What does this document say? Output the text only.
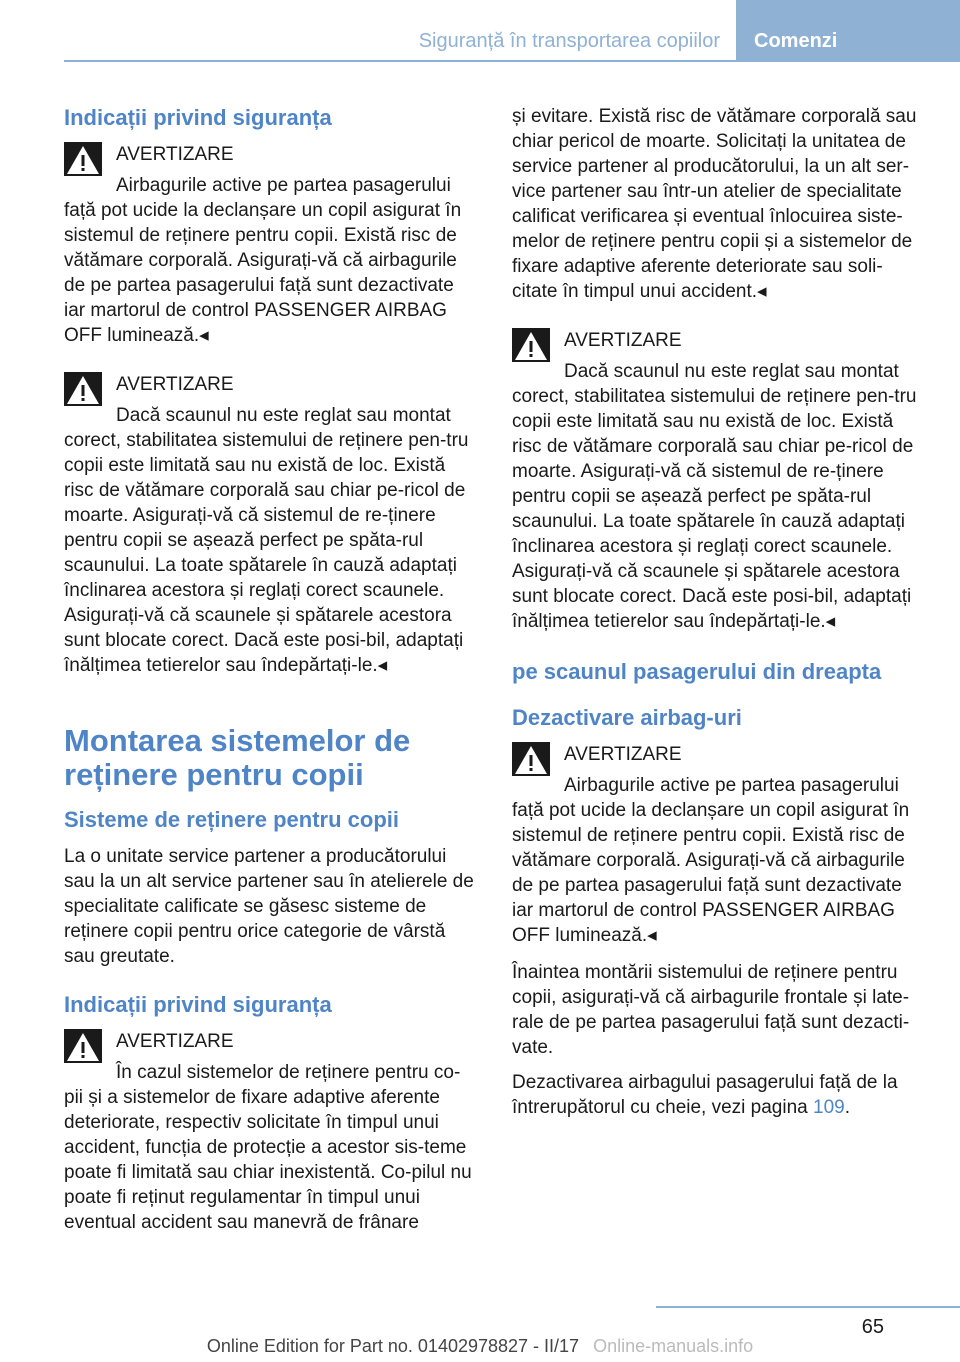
Siguranță în transportarea copiilor	Comenzi
Indicații privind siguranța
AVERTIZARE
Airbagurile active pe partea pasagerului față pot ucide la declanșare un copil asigurat în sistemul de reținere pentru copii. Există risc de vătămare corporală. Asigurați-vă că airbagurile de pe partea pasagerului față sunt dezactivate iar martorul de control PASSENGER AIRBAG OFF luminează.◂
AVERTIZARE
Dacă scaunul nu este reglat sau montat corect, stabilitatea sistemului de reținere pen‐tru copii este limitată sau nu există de loc. Există risc de vătămare corporală sau chiar pe‐ricol de moarte. Asigurați-vă că sistemul de re‐ținere pentru copii se așează perfect pe spăta‐rul scaunului. La toate spătarele în cauză adaptați înclinarea acestora și reglați corect scaunele. Asigurați-vă că scaunele și spătarele acestora sunt blocate corect. Dacă este posi‐bil, adaptați înălțimea tetierelor sau îndepărtați‐le.◂
Montarea sistemelor de reținere pentru copii
Sisteme de reținere pentru copii

La o unitate service partener a producătorului sau la un alt service partener sau în atelierele de specialitate calificate se găsesc sisteme de reținere copii pentru orice categorie de vârstă sau greutate.

Indicații privind siguranța
AVERTIZARE
În cazul sistemelor de reținere pentru co‐pii și a sistemelor de fixare adaptive aferente deteriorate, respectiv solicitate în timpul unui accident, funcția de protecție a acestor sis‐teme poate fi limitată sau chiar inexistentă. Co‐pilul nu poate fi reținut regulamentar în timpul unui eventual accident sau manevră de frânare

și evitare. Există risc de vătămare corporală sau chiar pericol de moarte. Solicitați la unitatea de service partener al producătorului, la un alt ser‐vice partener sau într-un atelier de specialitate calificat verificarea și eventual înlocuirea siste‐melor de reținere pentru copii și a sistemelor de fixare adaptive aferente deteriorate sau soli‐citate în timpul unui accident.◂

AVERTIZARE
Dacă scaunul nu este reglat sau montat corect, stabilitatea sistemului de reținere pen‐tru copii este limitată sau nu există de loc. Există risc de vătămare corporală sau chiar pe‐ricol de moarte. Asigurați-vă că sistemul de re‐ținere pentru copii se așează perfect pe spăta‐rul scaunului. La toate spătarele în cauză adaptați înclinarea acestora și reglați corect scaunele. Asigurați-vă că scaunele și spătarele acestora sunt blocate corect. Dacă este posi‐bil, adaptați înălțimea tetierelor sau îndepărtați‐le.◂
pe scaunul pasagerului din dreapta
Dezactivare airbag-uri
AVERTIZARE
Airbagurile active pe partea pasagerului față pot ucide la declanșare un copil asigurat în sistemul de reținere pentru copii. Există risc de vătămare corporală. Asigurați-vă că airbagurile de pe partea pasagerului față sunt dezactivate iar martorul de control PASSENGER AIRBAG OFF luminează.◂

Înaintea montării sistemului de reținere pentru copii, asigurați-vă că airbagurile frontale și late‐rale de pe partea pasagerului față sunt dezacti‐vate.

Dezactivarea airbagului pasagerului față de la întrerupătorul cu cheie, vezi pagina 109.

65
Online Edition for Part no. 01402978827 - II/17 Online-manuals.info
